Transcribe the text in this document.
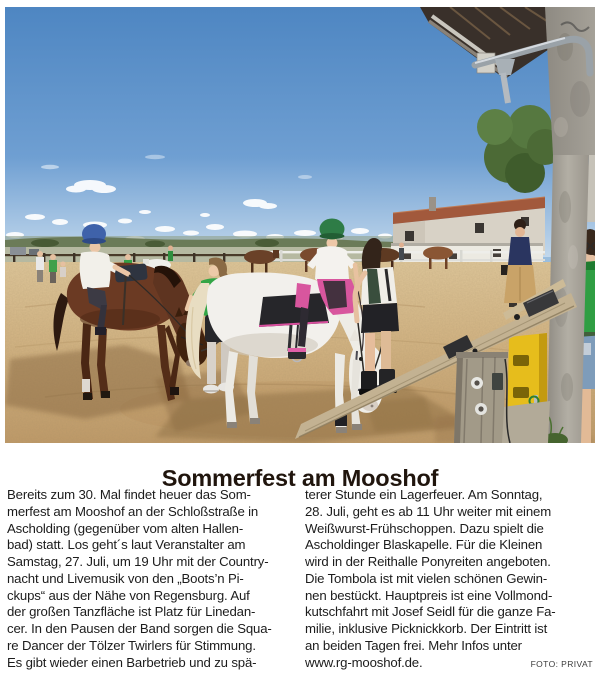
Sommerfest am Mooshof
Bereits zum 30. Mal findet heuer das Som-
merfest am Mooshof an der Schloßstraße in
Ascholding (gegenüber vom alten Hallen-
bad) statt. Los geht´s laut Veranstalter am
Samstag, 27. Juli, um 19 Uhr mit der Country-
nacht und Livemusik von den „Boots’n Pi-
ckups“ aus der Nähe von Regensburg. Auf
der großen Tanzfläche ist Platz für Linedan-
cer. In den Pausen der Band sorgen die Squa-
re Dancer der Tölzer Twirlers für Stimmung.
Es gibt wieder einen Barbetrieb und zu spä-
terer Stunde ein Lagerfeuer. Am Sonntag,
28. Juli, geht es ab 11 Uhr weiter mit einem
Weißwurst-Frühschoppen. Dazu spielt die
Ascholdinger Blaskapelle. Für die Kleinen
wird in der Reithalle Ponyreiten angeboten.
Die Tombola ist mit vielen schönen Gewin-
nen bestückt. Hauptpreis ist eine Vollmond-
kutschfahrt mit Josef Seidl für die ganze Fa-
milie, inklusive Picknickkorb. Der Eintritt ist
an beiden Tagen frei. Mehr Infos unter
www.rg-mooshof.de.	FOTO: PRIVAT
